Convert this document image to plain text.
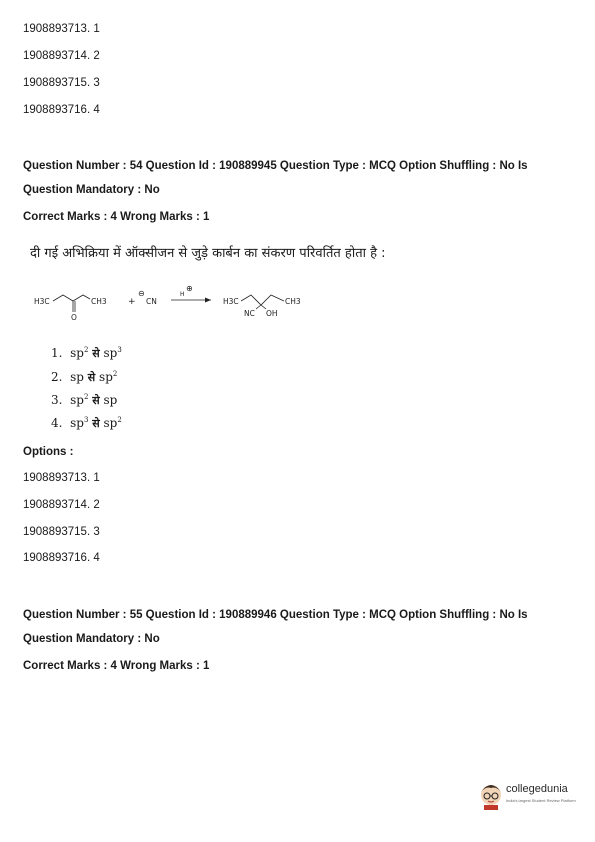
1908893713. 1
1908893714. 2
1908893715. 3
1908893716. 4
Question Number : 54 Question Id : 190889945 Question Type : MCQ Option Shuffling : No Is
Question Mandatory : No
Correct Marks : 4 Wrong Marks : 1
दी गई अभिक्रिया में ऑक्सीजन से जुड़े कार्बन का संकरण परिवर्तित होता है :
H3C
O
CH3 +
⊖
CN
H
⊕
H3C	CH3
NC OH
1. $sp^2$ से $sp^3$
2. sp से $sp^2$
3. $sp^2$ से sp
4. $sp^3$ से $sp^2$
Options :
1908893713. 1
1908893714. 2
1908893715. 3
1908893716. 4
Question Number : 55 Question Id : 190889946 Question Type : MCQ Option Shuffling : No Is
Question Mandatory : No
Correct Marks : 4 Wrong Marks : 1
collegedunia
India's largest Student Review Platform
